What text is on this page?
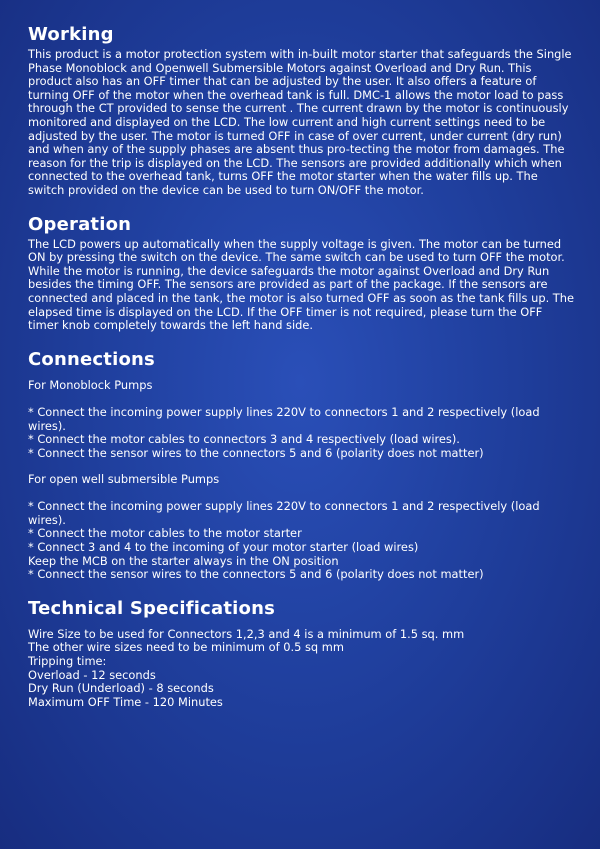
Working

This product is a motor protection system with in-built motor starter that safeguards the Single Phase Monoblock and Openwell Submersible Motors against Overload and Dry Run. This product also has an OFF timer that can be adjusted by the user. It also offers a feature of turning OFF of the motor when the overhead tank is full. DMC-1 allows the motor load to pass through the CT provided to sense the current . The current drawn by the motor is continuously monitored and displayed on the LCD. The low current and high current settings need to be adjusted by the user. The motor is turned OFF in case of over current, under current (dry run) and when any of the supply phases are absent thus pro-tecting the motor from damages. The reason for the trip is displayed on the LCD. The sensors are provided additionally which when connected to the overhead tank, turns OFF the motor starter when the water fills up. The switch provided on the device can be used to turn ON/OFF the motor.

Operation

The LCD powers up automatically when the supply voltage is given. The motor can be turned ON by pressing the switch on the device. The same switch can be used to turn OFF the motor. While the motor is running, the device safeguards the motor against Overload and Dry Run besides the timing OFF. The sensors are provided as part of the package. If the sensors are connected and placed in the tank, the motor is also turned OFF as soon as the tank fills up. The elapsed time is displayed on the LCD. If the OFF timer is not required, please turn the OFF timer knob completely towards the left hand side.

Connections

For Monoblock Pumps

* Connect the incoming power supply lines 220V to connectors 1 and 2 respectively (load wires).

* Connect the motor cables to connectors 3 and 4 respectively (load wires).

* Connect the sensor wires to the connectors 5 and 6 (polarity does not matter)

For open well submersible Pumps

* Connect the incoming power supply lines 220V to connectors 1 and 2 respectively (load wires).

* Connect the motor cables to the motor starter

* Connect 3 and 4 to the incoming of your motor starter (load wires)

Keep the MCB on the starter always in the ON position

* Connect the sensor wires to the connectors 5 and 6 (polarity does not matter)

Technical Specifications

Wire Size to be used for Connectors 1,2,3 and 4 is a minimum of 1.5 sq. mm

The other wire sizes need to be minimum of 0.5 sq mm

Tripping time:

Overload - 12 seconds

Dry Run (Underload) - 8 seconds

Maximum OFF Time - 120 Minutes
